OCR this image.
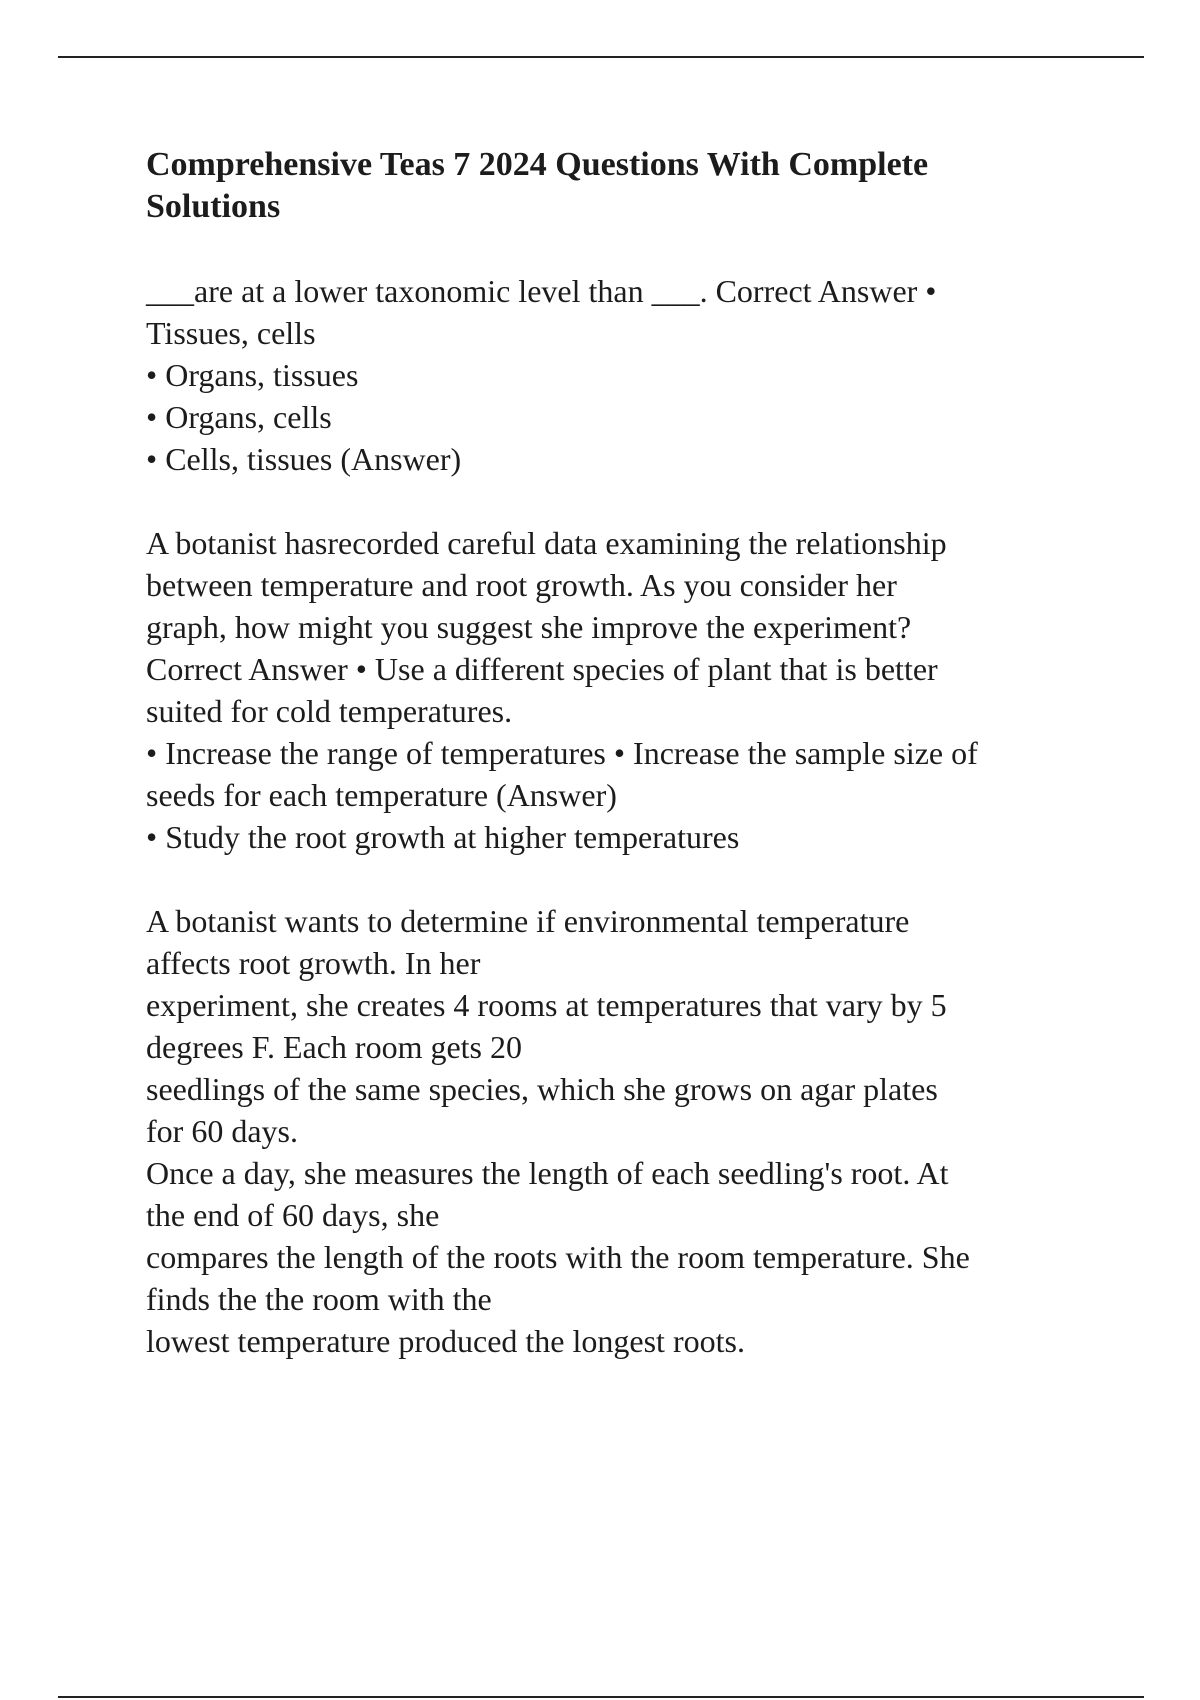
Comprehensive Teas 7 2024 Questions With Complete
Solutions
___are at a lower taxonomic level than ___. Correct Answer •
Tissues, cells
• Organs, tissues
• Organs, cells
• Cells, tissues (Answer)
A botanist hasrecorded careful data examining the relationship
between temperature and root growth. As you consider her
graph, how might you suggest she improve the experiment?
Correct Answer • Use a different species of plant that is better
suited for cold temperatures.
• Increase the range of temperatures • Increase the sample size of
seeds for each temperature (Answer)
• Study the root growth at higher temperatures
A botanist wants to determine if environmental temperature
affects root growth. In her
experiment, she creates 4 rooms at temperatures that vary by 5
degrees F. Each room gets 20
seedlings of the same species, which she grows on agar plates
for 60 days.
Once a day, she measures the length of each seedling's root. At
the end of 60 days, she
compares the length of the roots with the room temperature. She
finds the the room with the
lowest temperature produced the longest roots.
